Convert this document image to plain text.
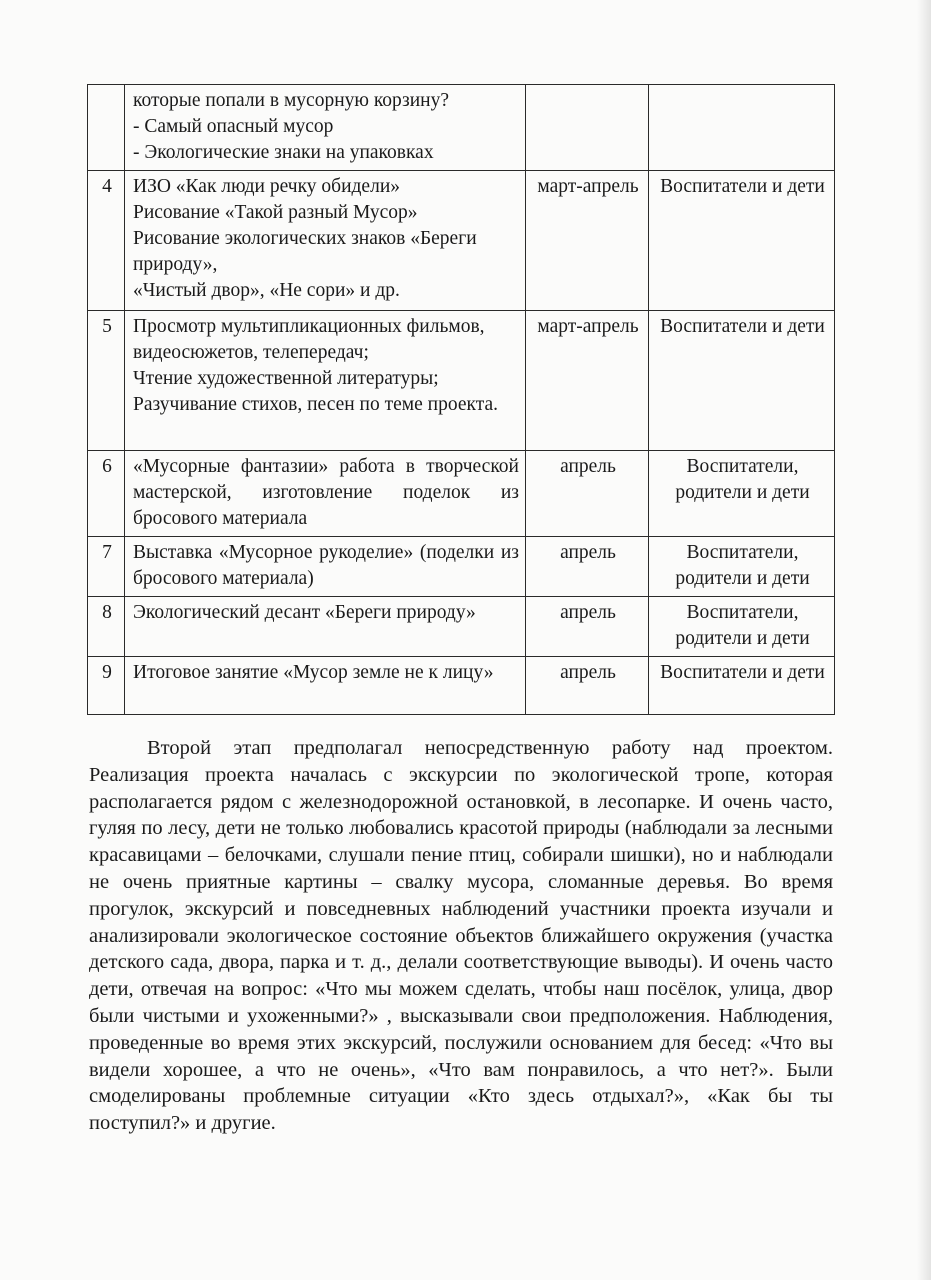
	которые попали в мусорную корзину?
- Самый опасный мусор
- Экологические знаки на упаковках		

4	ИЗО «Как люди речку обидели»
Рисование «Такой разный Мусор»
Рисование экологических знаков «Береги природу»,
«Чистый двор», «Не сори» и др.	март-апрель	Воспитатели и дети
5	Просмотр мультипликационных фильмов, видеосюжетов, телепередач;
Чтение художественной литературы;
Разучивание стихов, песен по теме проекта.	март-апрель	Воспитатели и дети
6	«Мусорные фантазии» работа в творческой мастерской, изготовление поделок из бросового материала	апрель	Воспитатели, родители и дети
7	Выставка «Мусорное рукоделие» (поделки из бросового материала)	апрель	Воспитатели, родители и дети
8	Экологический десант «Береги природу»	апрель	Воспитатели, родители и дети
9	Итоговое занятие «Мусор земле не к лицу»	апрель	Воспитатели и дети

Второй этап предполагал непосредственную работу над проектом. Реализация проекта началась с экскурсии по экологической тропе, которая располагается рядом с железнодорожной остановкой, в лесопарке. И очень часто, гуляя по лесу, дети не только любовались красотой природы (наблюдали за лесными красавицами – белочками, слушали пение птиц, собирали шишки), но и наблюдали не очень приятные картины – свалку мусора, сломанные деревья. Во время прогулок, экскурсий и повседневных наблюдений участники проекта изучали и анализировали экологическое состояние объектов ближайшего окружения (участка детского сада, двора, парка и т. д., делали соответствующие выводы). И очень часто дети, отвечая на вопрос: «Что мы можем сделать, чтобы наш посёлок, улица, двор были чистыми и ухоженными?» , высказывали свои предположения. Наблюдения, проведенные во время этих экскурсий, послужили основанием для бесед: «Что вы видели хорошее, а что не очень», «Что вам понравилось, а что нет?». Были смоделированы проблемные ситуации «Кто здесь отдыхал?», «Как бы ты поступил?» и другие.
